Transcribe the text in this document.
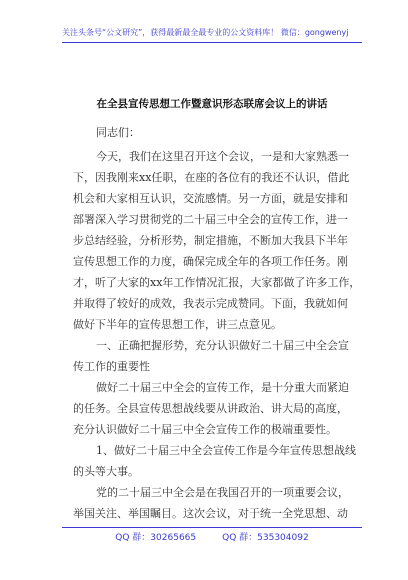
关注头条号“公文研究”，获得最新最全最专业的公文资料库！ 微信：gongwenyj
在全县宣传思想工作暨意识形态联席会议上的讲话
同志们：
今天，我们在这里召开这个会议，一是和大家熟悉一
下，因我刚来xx任职，在座的各位有的我还不认识，借此
机会和大家相互认识，交流感情。另一方面，就是安排和
部署深入学习贯彻党的二十届三中全会的宣传工作，进一
步总结经验，分析形势，制定措施，不断加大我县下半年
宣传思想工作的力度，确保完成全年的各项工作任务。刚
才，听了大家的xx年工作情况汇报，大家都做了许多工作，
并取得了较好的成效，我表示完成赞同。下面，我就如何
做好下半年的宣传思想工作，讲三点意见。
一、正确把握形势，充分认识做好二十届三中全会宣
传工作的重要性
做好二十届三中全会的宣传工作，是十分重大而紧迫
的任务。全县宣传思想战线要从讲政治、讲大局的高度，
充分认识做好二十届三中全会宣传工作的极端重要性。
1、做好二十届三中全会宣传工作是今年宣传思想战线
的头等大事。
党的二十届三中全会是在我国召开的一项重要会议，
举国关注、举国瞩目。这次会议，对于统一全党思想、动
QQ 群：30265665	QQ 群：535304092
